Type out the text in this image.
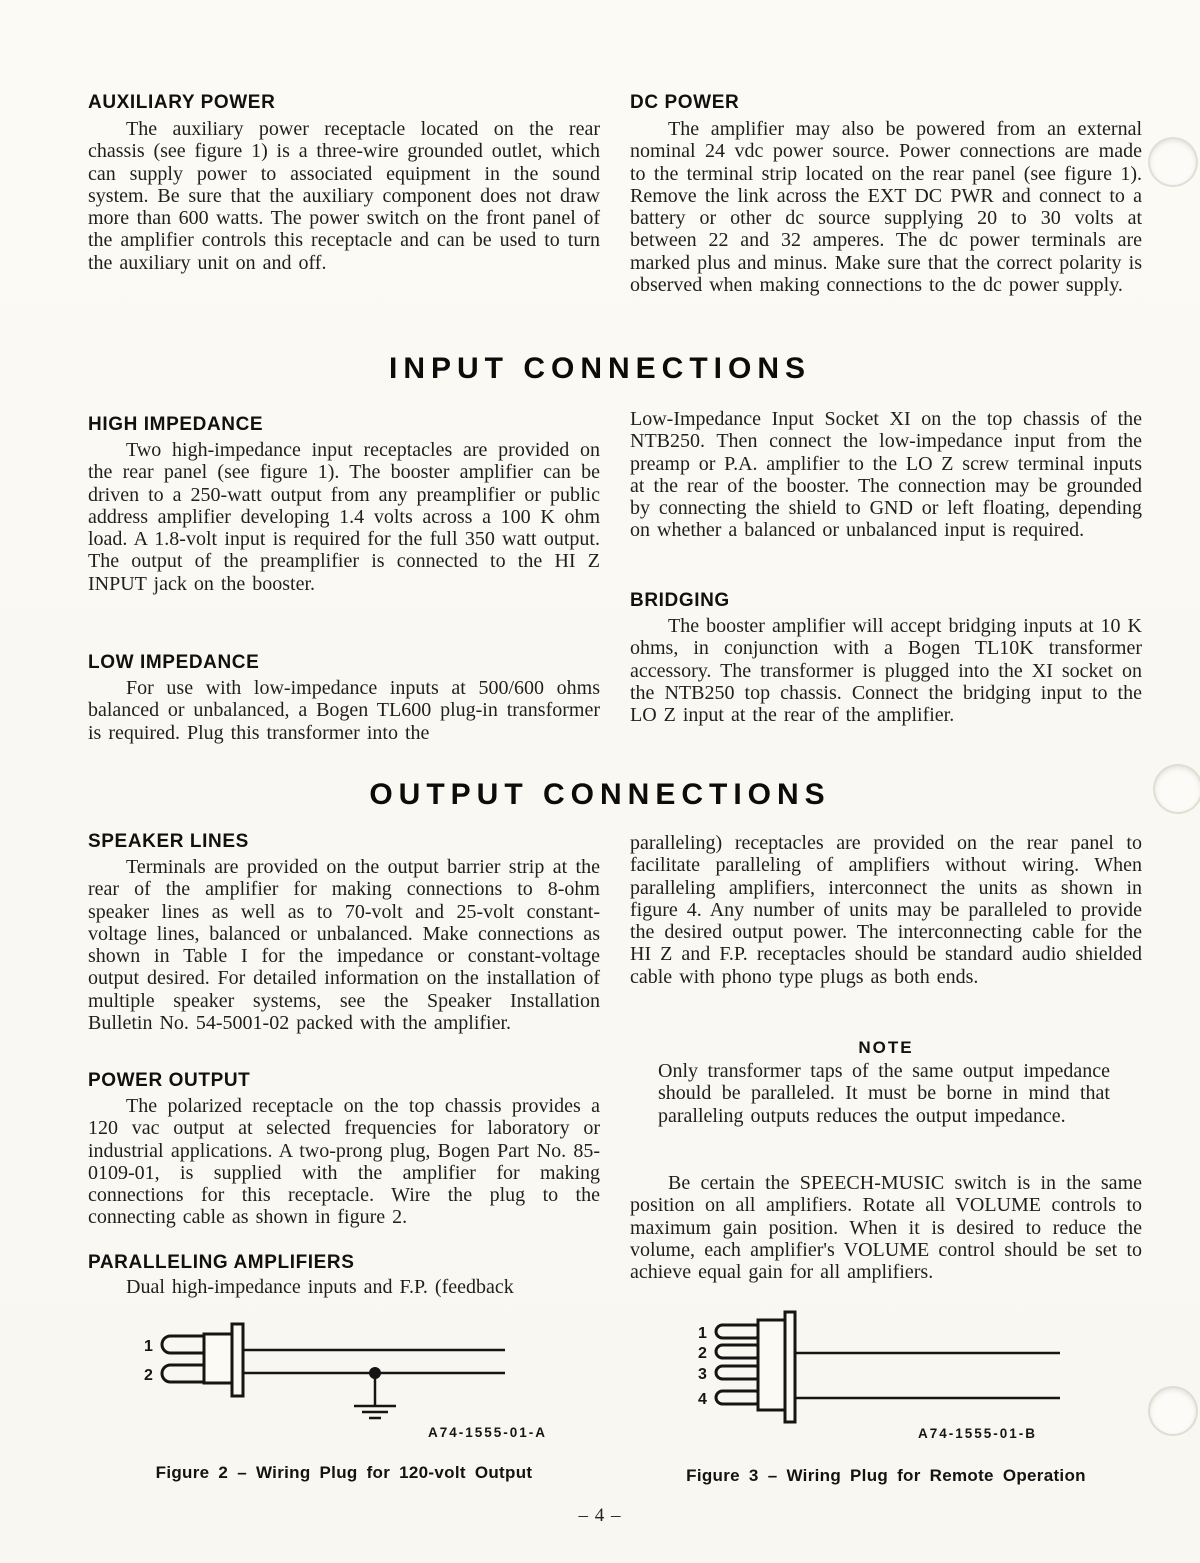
AUXILIARY POWER

The auxiliary power receptacle located on the rear chassis (see figure 1) is a three-wire grounded outlet, which can supply power to associated equipment in the sound system. Be sure that the auxiliary component does not draw more than 600 watts. The power switch on the front panel of the amplifier controls this receptacle and can be used to turn the auxiliary unit on and off.

DC POWER

The amplifier may also be powered from an external nominal 24 vdc power source. Power connections are made to the terminal strip located on the rear panel (see figure 1). Remove the link across the EXT DC PWR and connect to a battery or other dc source supplying 20 to 30 volts at between 22 and 32 amperes. The dc power terminals are marked plus and minus. Make sure that the correct polarity is observed when making connections to the dc power supply.

INPUT CONNECTIONS
HIGH IMPEDANCE

Two high-impedance input receptacles are provided on the rear panel (see figure 1). The booster amplifier can be driven to a 250-watt output from any preamplifier or public address amplifier developing 1.4 volts across a 100 K ohm load. A 1.8-volt input is required for the full 350 watt output. The output of the preamplifier is connected to the HI Z INPUT jack on the booster.

LOW IMPEDANCE

For use with low-impedance inputs at 500/600 ohms balanced or unbalanced, a Bogen TL600 plug-in transformer is required. Plug this transformer into the

Low-Impedance Input Socket XI on the top chassis of the NTB250. Then connect the low-impedance input from the preamp or P.A. amplifier to the LO Z screw terminal inputs at the rear of the booster. The connection may be grounded by connecting the shield to GND or left floating, depending on whether a balanced or unbalanced input is required.

BRIDGING

The booster amplifier will accept bridging inputs at 10 K ohms, in conjunction with a Bogen TL10K transformer accessory. The transformer is plugged into the XI socket on the NTB250 top chassis. Connect the bridging input to the LO Z input at the rear of the amplifier.

OUTPUT CONNECTIONS
SPEAKER LINES

Terminals are provided on the output barrier strip at the rear of the amplifier for making connections to 8-ohm speaker lines as well as to 70-volt and 25-volt constant-voltage lines, balanced or unbalanced. Make connections as shown in Table I for the impedance or constant-voltage output desired. For detailed information on the installation of multiple speaker systems, see the Speaker Installation Bulletin No. 54-5001-02 packed with the amplifier.

POWER OUTPUT

The polarized receptacle on the top chassis provides a 120 vac output at selected frequencies for laboratory or industrial applications. A two-prong plug, Bogen Part No. 85-0109-01, is supplied with the amplifier for making connections for this receptacle. Wire the plug to the connecting cable as shown in figure 2.

PARALLELING AMPLIFIERS

Dual high-impedance inputs and F.P. (feedback

paralleling) receptacles are provided on the rear panel to facilitate paralleling of amplifiers without wiring. When paralleling amplifiers, interconnect the units as shown in figure 4. Any number of units may be paralleled to provide the desired output power. The interconnecting cable for the HI Z and F.P. receptacles should be standard audio shielded cable with phono type plugs as both ends.

NOTE

Only transformer taps of the same output impedance should be paralleled. It must be borne in mind that paralleling outputs reduces the output impedance.

Be certain the SPEECH-MUSIC switch is in the same position on all amplifiers. Rotate all VOLUME controls to maximum gain position. When it is desired to reduce the volume, each amplifier's VOLUME control should be set to achieve equal gain for all amplifiers.

1
2
A74-1555-01-A
Figure 2 – Wiring Plug for 120-volt Output
1
2
3
4
A74-1555-01-B
Figure 3 – Wiring Plug for Remote Operation
– 4 –
